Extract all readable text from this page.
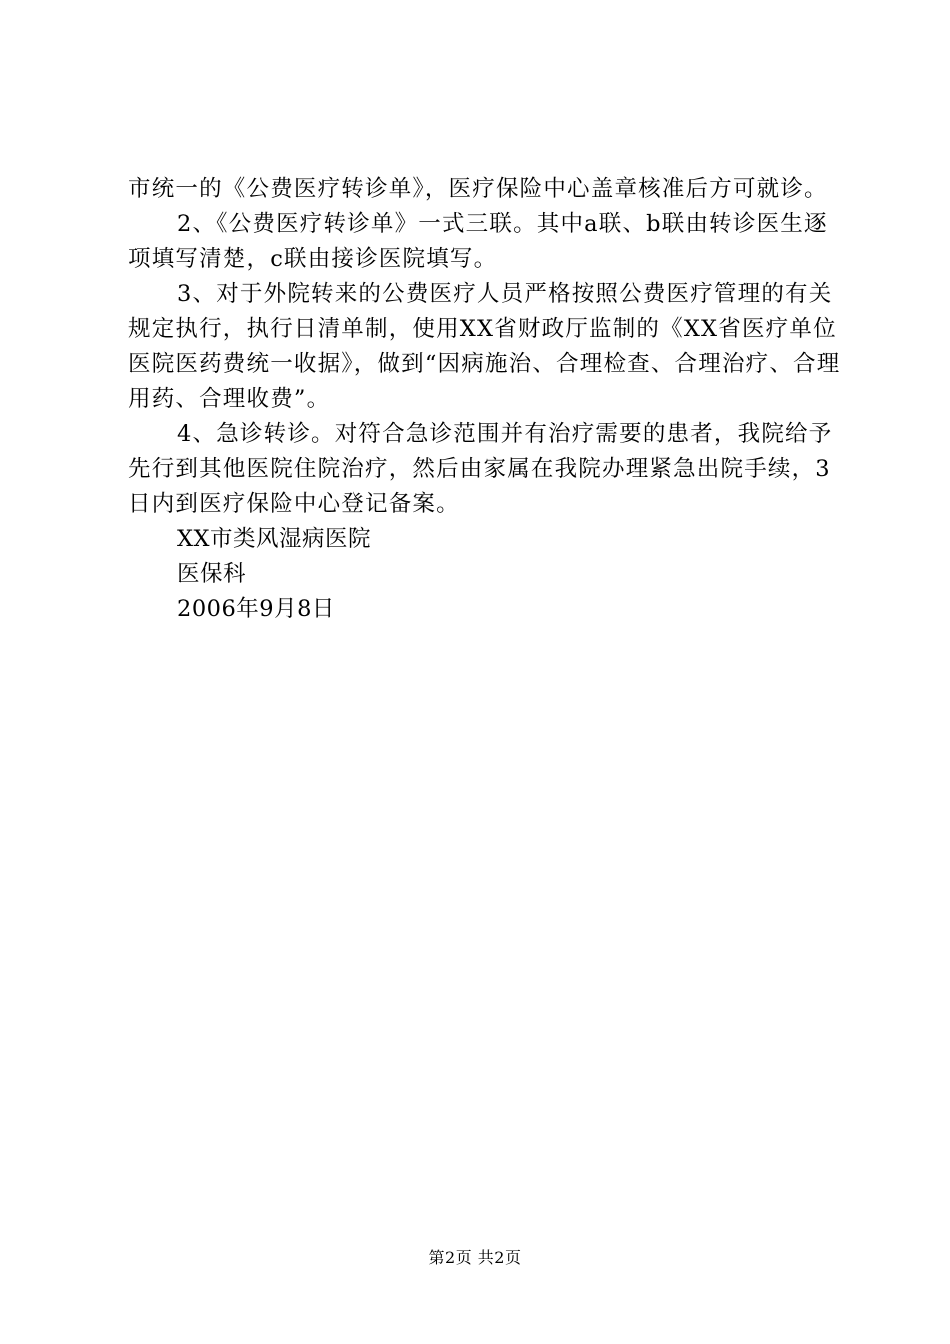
市统一的《公费医疗转诊单》，医疗保险中心盖章核准后方可就诊。

2、《公费医疗转诊单》一式三联。其中a联、b联由转诊医生逐项填写清楚，c联由接诊医院填写。

3、对于外院转来的公费医疗人员严格按照公费医疗管理的有关规定执行，执行日清单制，使用XX省财政厅监制的《XX省医疗单位医院医药费统一收据》，做到“因病施治、合理检查、合理治疗、合理用药、合理收费”。

4、急诊转诊。对符合急诊范围并有治疗需要的患者，我院给予先行到其他医院住院治疗，然后由家属在我院办理紧急出院手续，3日内到医疗保险中心登记备案。

XX市类风湿病医院

医保科

2006年9月8日

第2页 共2页
